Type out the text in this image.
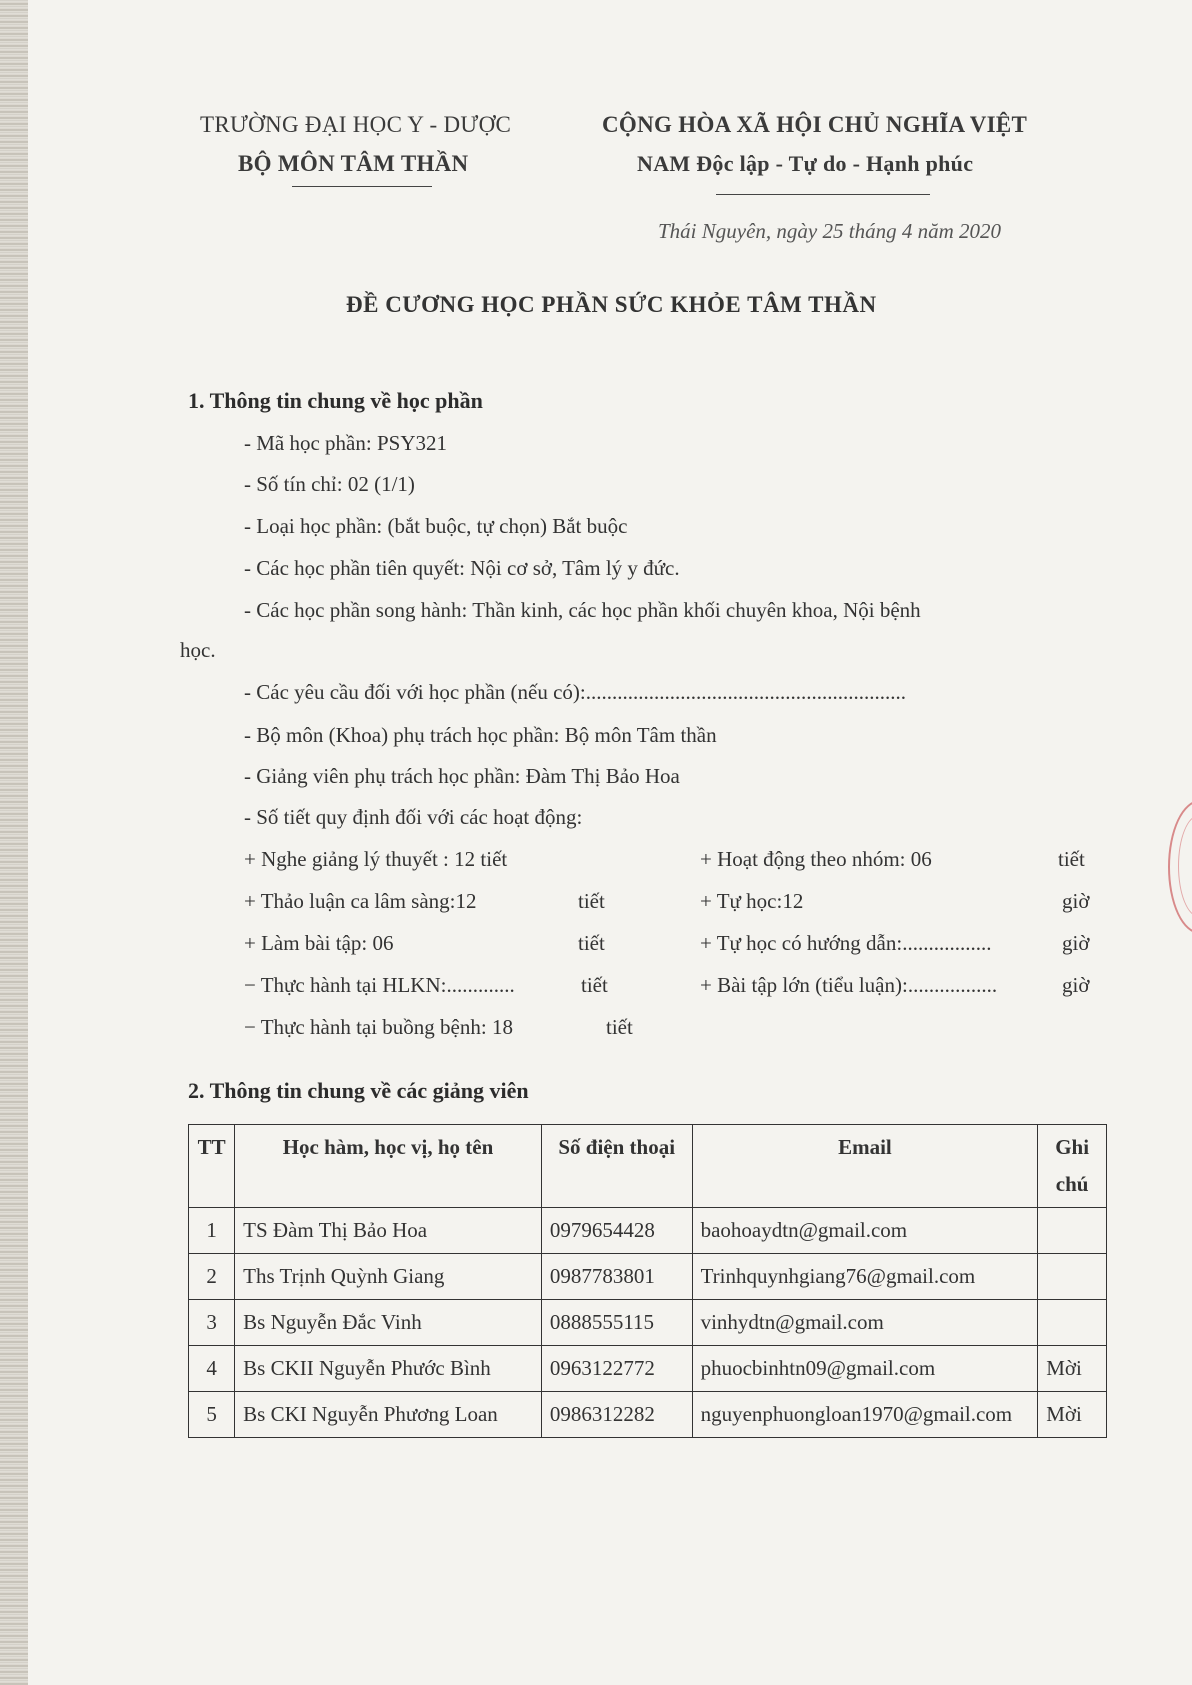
TRƯỜNG ĐẠI HỌC Y - DƯỢC
BỘ MÔN TÂM THẦN
CỘNG HÒA XÃ HỘI CHỦ NGHĨA VIỆT
NAM Độc lập - Tự do - Hạnh phúc
Thái Nguyên, ngày 25 tháng 4 năm 2020
ĐỀ CƯƠNG HỌC PHẦN SỨC KHỎE TÂM THẦN
1. Thông tin chung về học phần
- Mã học phần: PSY321
- Số tín chỉ: 02 (1/1)
- Loại học phần: (bắt buộc, tự chọn) Bắt buộc
- Các học phần tiên quyết: Nội cơ sở, Tâm lý y đức.
- Các học phần song hành: Thần kinh, các học phần khối chuyên khoa, Nội bệnh
học.
- Các yêu cầu đối với học phần (nếu có):.............................................................
- Bộ môn (Khoa) phụ trách học phần: Bộ môn Tâm thần
- Giảng viên phụ trách học phần: Đàm Thị Bảo Hoa
- Số tiết quy định đối với các hoạt động:
+ Nghe giảng lý thuyết : 12 tiết
+ Thảo luận ca lâm sàng:12	tiết
+ Làm bài tập: 06	tiết
− Thực hành tại HLKN:.............	tiết
− Thực hành tại buồng bệnh: 18	tiết
+ Hoạt động theo nhóm: 06	tiết
+ Tự học:12	giờ
+ Tự học có hướng dẫn:.................	giờ
+ Bài tập lớn (tiểu luận):.................	giờ
2. Thông tin chung về các giảng viên
TT	Học hàm, học vị, họ tên	Số điện thoại	Email	Ghi chú
1	TS Đàm Thị Bảo Hoa	0979654428	baohoaydtn@gmail.com	
2	Ths Trịnh Quỳnh Giang	0987783801	Trinhquynhgiang76@gmail.com	
3	Bs Nguyễn Đắc Vinh	0888555115	vinhydtn@gmail.com	
4	Bs CKII Nguyễn Phước Bình	0963122772	phuocbinhtn09@gmail.com	Mời
5	Bs CKI Nguyễn Phương Loan	0986312282	nguyenphuongloan1970@gmail.com	Mời
